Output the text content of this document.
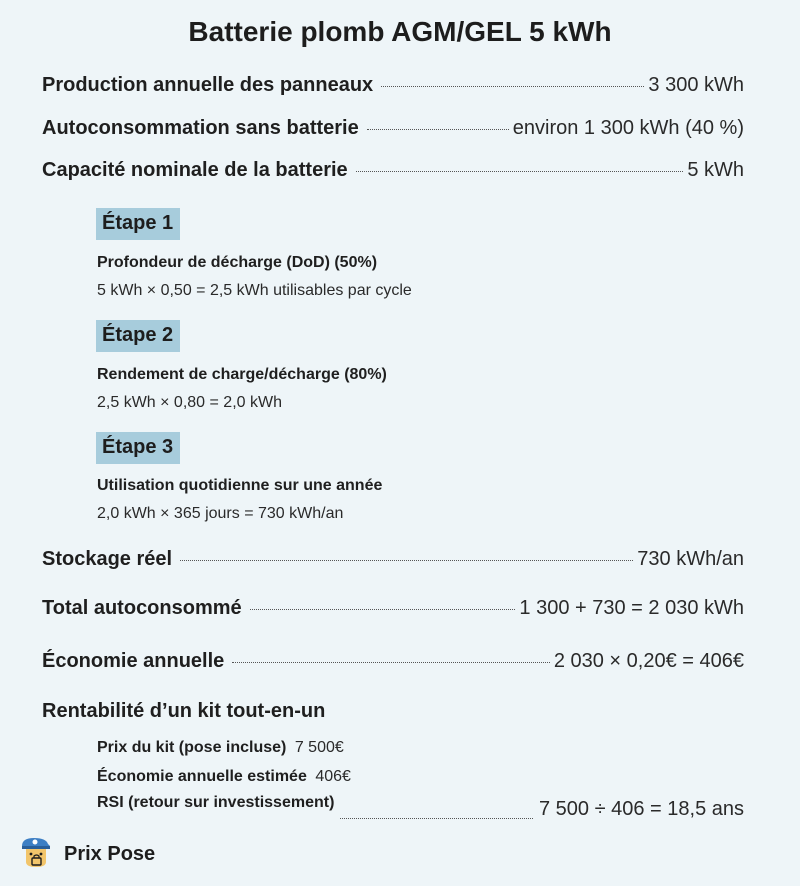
Batterie plomb AGM/GEL 5 kWh
Production annuelle des panneaux	3 300 kWh
Autoconsommation sans batterie	environ 1 300 kWh (40 %)
Capacité nominale de la batterie	5 kWh
Étape 1
Profondeur de décharge (DoD) (50%)
5 kWh × 0,50 = 2,5 kWh utilisables par cycle
Étape 2
Rendement de charge/décharge (80%)
2,5 kWh × 0,80 = 2,0 kWh
Étape 3
Utilisation quotidienne sur une année
2,0 kWh × 365 jours = 730 kWh/an
Stockage réel	730 kWh/an
Total autoconsommé	1 300 + 730 = 2 030 kWh
Économie annuelle	2 030 × 0,20€ = 406€
Rentabilité d’un kit tout-en-un
Prix du kit (pose incluse) 7 500€
Économie annuelle estimée 406€
RSI (retour sur investissement)	7 500 ÷ 406 = 18,5 ans
Prix Pose
